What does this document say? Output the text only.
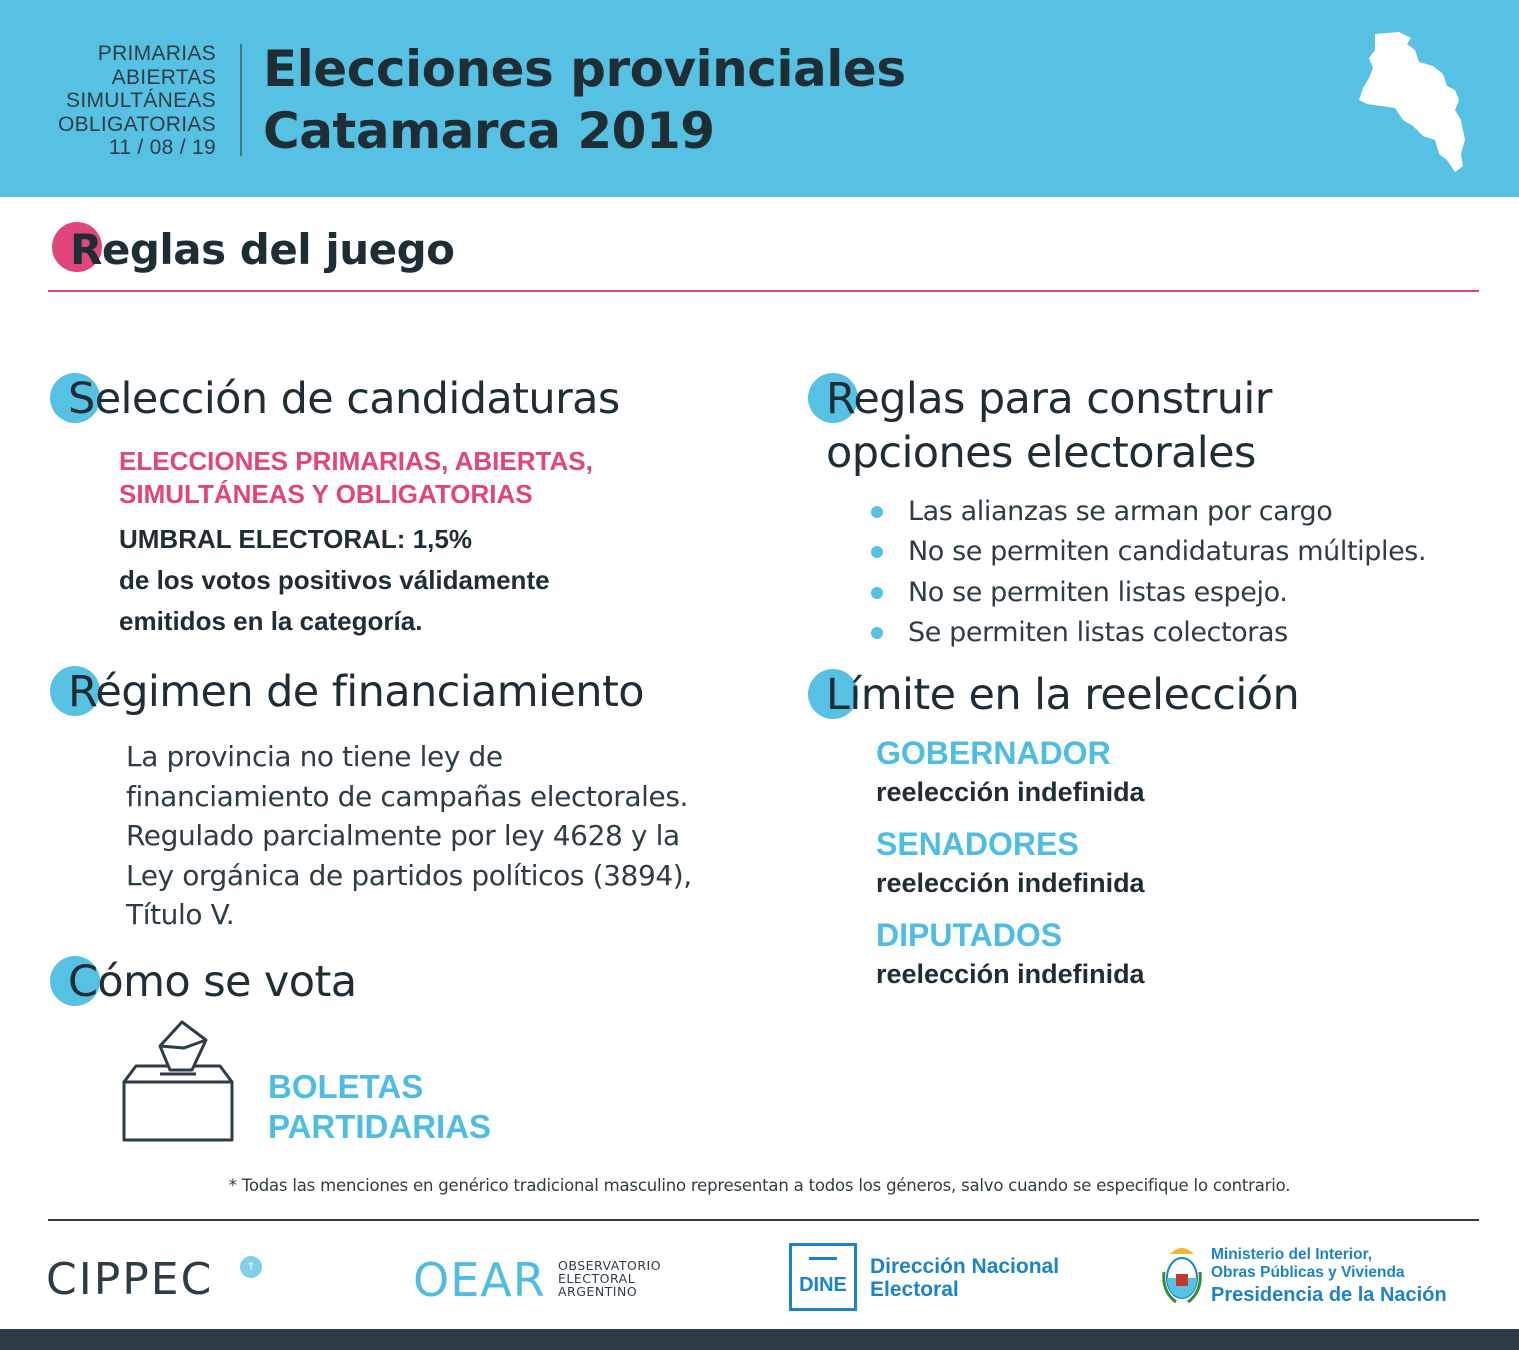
PRIMARIAS
ABIERTAS
SIMULTÁNEAS
OBLIGATORIAS
11 / 08 / 19
Elecciones provinciales
Catamarca 2019
Reglas del juego
Selección de candidaturas
ELECCIONES PRIMARIAS, ABIERTAS,
SIMULTÁNEAS Y OBLIGATORIAS
UMBRAL ELECTORAL: 1,5%
de los votos positivos válidamente
emitidos en la categoría.
Régimen de financiamiento
La provincia no tiene ley de
financiamiento de campañas electorales.
Regulado parcialmente por ley 4628 y la
Ley orgánica de partidos políticos (3894),
Título V.
Cómo se vota
BOLETAS
PARTIDARIAS
Reglas para construir
opciones electorales
Las alianzas se arman por cargo
No se permiten candidaturas múltiples.
No se permiten listas espejo.
Se permiten listas colectoras
Límite en la reelección
GOBERNADOR
reelección indefinida
SENADORES
reelección indefinida
DIPUTADOS
reelección indefinida
* Todas las menciones en genérico tradicional masculino representan a todos los géneros, salvo cuando se especifique lo contrario.
CIPPEC	↑	OEAR OBSERVATORIO
ELECTORAL
ARGENTINO	DINE
Dirección Nacional
Electoral
Ministerio del Interior,
Obras Públicas y Vivienda
Presidencia de la Nación
